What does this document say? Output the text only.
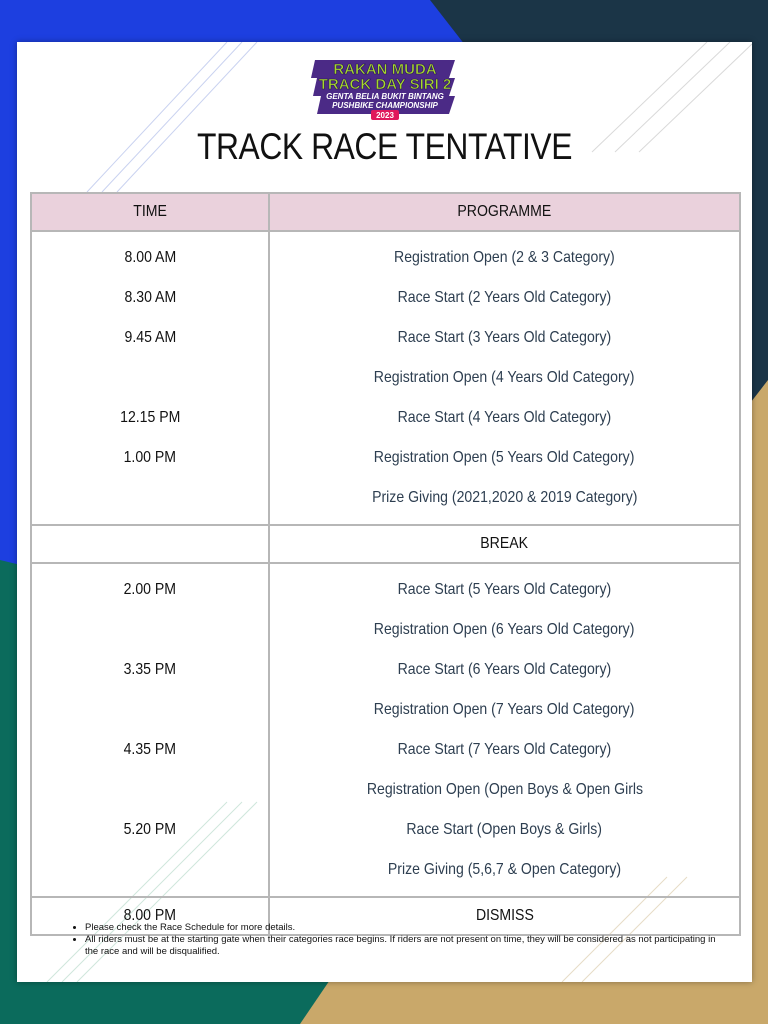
RAKAN MUDA
TRACK DAY SIRI 2
GENTA BELIA BUKIT BINTANG
PUSHBIKE CHAMPIONSHIP
2023
TRACK RACE TENTATIVE
TIME	PROGRAMME
8.00 AM	Registration Open (2 & 3 Category)
8.30 AM	Race Start (2 Years Old Category)
9.45 AM	Race Start (3 Years Old Category)
	Registration Open (4 Years Old Category)
12.15 PM	Race Start (4 Years Old Category)
1.00 PM	Registration Open (5 Years Old Category)
	Prize Giving (2021,2020 & 2019 Category)
	BREAK
2.00 PM	Race Start (5 Years Old Category)
	Registration Open (6 Years Old Category)
3.35 PM	Race Start (6 Years Old Category)
	Registration Open (7 Years Old Category)
4.35 PM	Race Start (7 Years Old Category)
	Registration Open (Open Boys & Open Girls
5.20 PM	Race Start (Open Boys & Girls)
	Prize Giving (5,6,7 & Open Category)
8.00 PM	DISMISS
• Please check the Race Schedule for more details.
• All riders must be at the starting gate when their categories race begins. If riders are not present on time, they will be considered as not participating in the race and will be disqualified.
